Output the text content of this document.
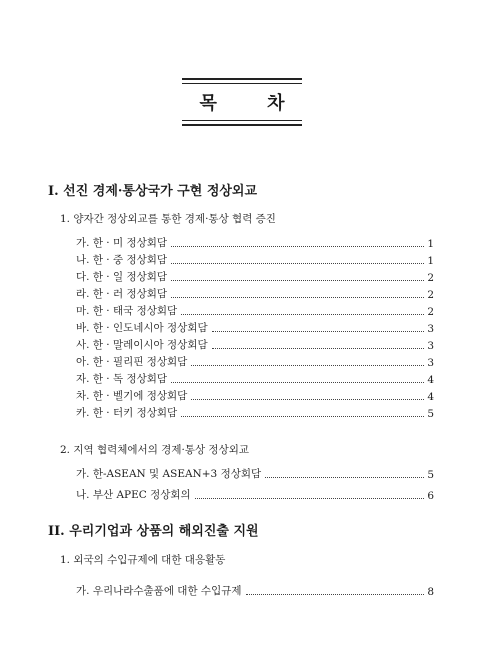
목 차
I. 선진 경제·통상국가 구현 정상외교
1. 양자간 정상외교를 통한 경제·통상 협력 증진
가. 한 · 미 정상회담	1
나. 한 · 중 정상회담	1
다. 한 · 일 정상회담	2
라. 한 · 러 정상회담	2
마. 한 · 태국 정상회담	2
바. 한 · 인도네시아 정상회담	3
사. 한 · 말레이시아 정상회담	3
아. 한 · 필리핀 정상회담	3
자. 한 · 독 정상회담	4
차. 한 · 벨기에 정상회담	4
카. 한 · 터키 정상회담	5
2. 지역 협력체에서의 경제·통상 정상외교
가. 한-ASEAN 및 ASEAN+3 정상회담	5
나. 부산 APEC 정상회의	6
II. 우리기업과 상품의 해외진출 지원
1. 외국의 수입규제에 대한 대응활동
가. 우리나라수출품에 대한 수입규제	8
